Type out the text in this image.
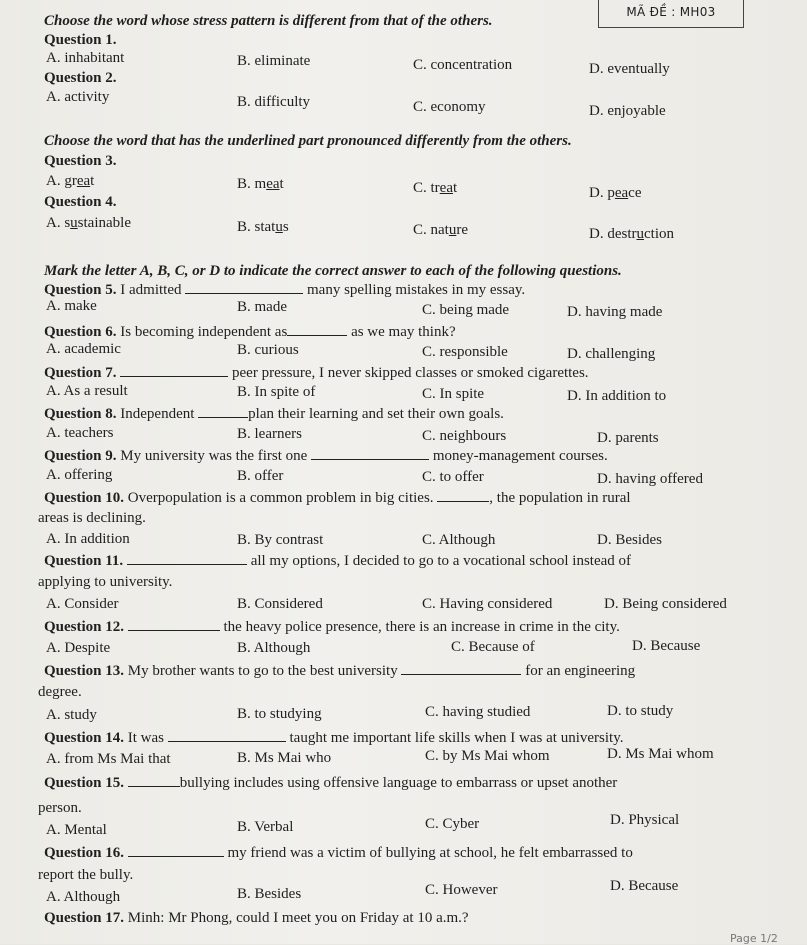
MÃ ĐỀ : MH03
Choose the word whose stress pattern is different from that of the others.
Question 1.
A. inhabitant	B. eliminate	C. concentration	D. eventually
Question 2.
A. activity	B. difficulty	C. economy	D. enjoyable
Choose the word that has the underlined part pronounced differently from the others.
Question 3.
A. great	B. meat	C. treat	D. peace
Question 4.
A. sustainable	B. status	C. nature	D. destruction
Mark the letter A, B, C, or D to indicate the correct answer to each of the following questions.
Question 5. I admitted	many spelling mistakes in my essay.
A. make	B. made	C. being made	D. having made
Question 6. Is becoming independent as	as we may think?
A. academic	B. curious	C. responsible	D. challenging
Question 7.	peer pressure, I never skipped classes or smoked cigarettes.
A. As a result	B. In spite of	C. In spite	D. In addition to
Question 8. Independent	plan their learning and set their own goals.
A. teachers	B. learners	C. neighbours	D. parents
Question 9. My university was the first one	money-management courses.
A. offering	B. offer	C. to offer	D. having offered
Question 10. Overpopulation is a common problem in big cities.	, the population in rural
areas is declining.
A. In addition	B. By contrast	C. Although	D. Besides
Question 11.	all my options, I decided to go to a vocational school instead of
applying to university.
A. Consider	B. Considered	C. Having considered	D. Being considered
Question 12.	the heavy police presence, there is an increase in crime in the city.
A. Despite	B. Although	C. Because of	D. Because
Question 13. My brother wants to go to the best university	for an engineering
degree.
A. study	B. to studying	C. having studied	D. to study
Question 14. It was	taught me important life skills when I was at university.
A. from Ms Mai that	B. Ms Mai who	C. by Ms Mai whom	D. Ms Mai whom
Question 15.	bullying includes using offensive language to embarrass or upset another
person.
A. Mental	B. Verbal	C. Cyber	D. Physical
Question 16.	my friend was a victim of bullying at school, he felt embarrassed to
report the bully.
A. Although	B. Besides	C. However	D. Because
Question 17. Minh: Mr Phong, could I meet you on Friday at 10 a.m.?
Page 1/2
